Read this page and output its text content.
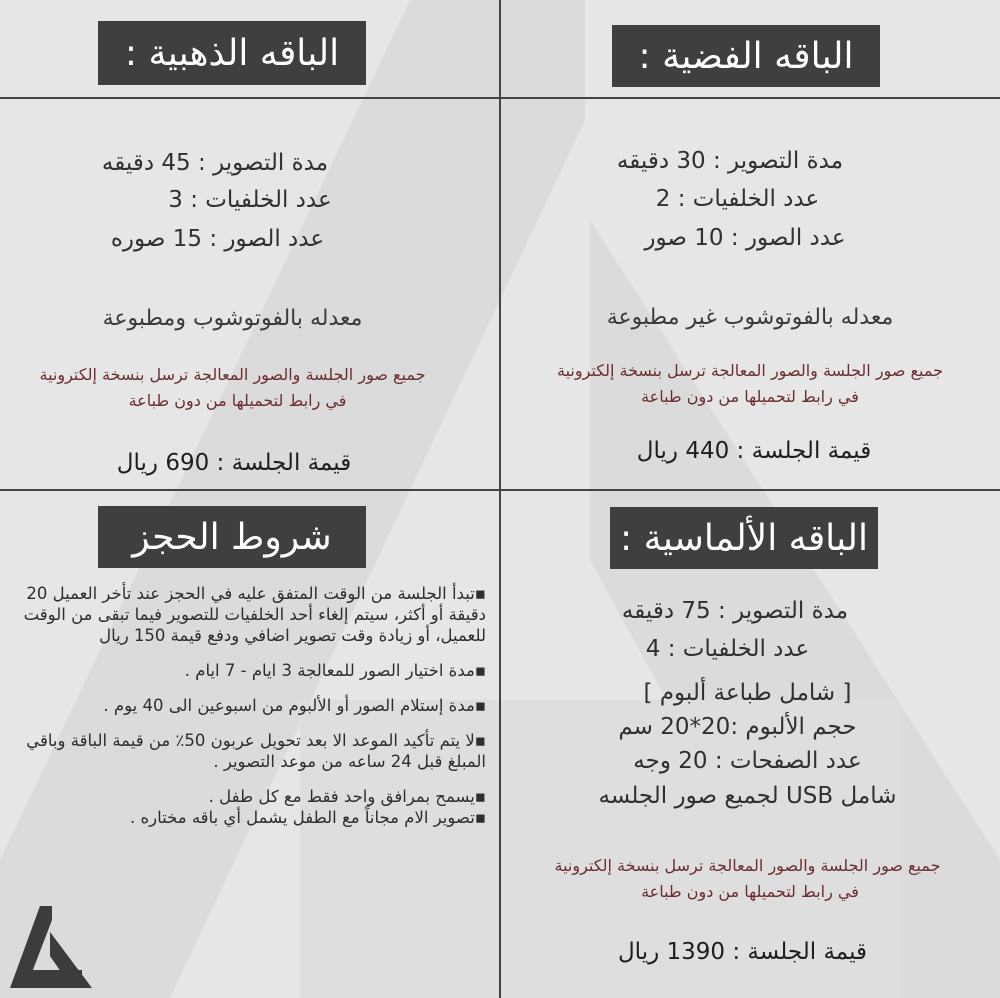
الباقه الفضية :
مدة التصوير : 30 دقيقه
عدد الخلفيات : 2
عدد الصور : 10 صور
معدله بالفوتوشوب غير مطبوعة
جميع صور الجلسة والصور المعالجة ترسل بنسخة إلكترونية
في رابط لتحميلها من دون طباعة
قيمة الجلسة : 440 ريال
الباقه الذهبية :
مدة التصوير : 45 دقيقه
عدد الخلفيات : 3
عدد الصور : 15 صوره
معدله بالفوتوشوب ومطبوعة
جميع صور الجلسة والصور المعالجة ترسل بنسخة إلكترونية
في رابط لتحميلها من دون طباعة
قيمة الجلسة : 690 ريال
الباقه الألماسية :
مدة التصوير : 75 دقيقه
عدد الخلفيات : 4
[ شامل طباعة ألبوم ]
حجم الألبوم :20*20 سم
عدد الصفحات : 20 وجه
شامل USB لجميع صور الجلسه
جميع صور الجلسة والصور المعالجة ترسل بنسخة إلكترونية
في رابط لتحميلها من دون طباعة
قيمة الجلسة : 1390 ريال
شروط الحجز

▪تبدأ الجلسة من الوقت المتفق عليه في الحجز عند تأخر العميل 20 دقيقة أو أكثر، سيتم إلغاء أحد الخلفيات للتصوير فيما تبقى من الوقت للعميل، أو زيادة وقت تصوير اضافي ودفع قيمة 150 ريال

▪مدة اختيار الصور للمعالجة 3 ايام - 7 ايام .

▪مدة إستلام الصور أو الألبوم من اسبوعين الى 40 يوم .

▪لا يتم تأكيد الموعد الا بعد تحويل عربون 50٪ من قيمة الباقة وباقي المبلغ قبل 24 ساعه من موعد التصوير .

▪يسمح بمرافق واحد فقط مع كل طفل .

▪تصوير الام مجاناً مع الطفل يشمل أي باقه مختاره .
